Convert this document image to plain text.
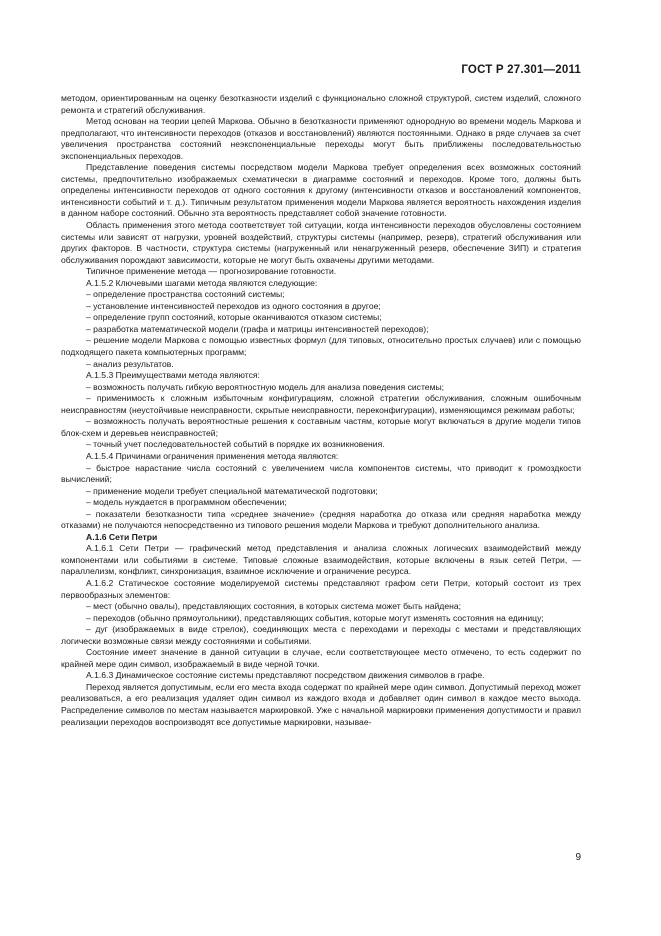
ГОСТ Р 27.301—2011

методом, ориентированным на оценку безотказности изделий с функционально сложной структурой, систем изделий, сложного ремонта и стратегий обслуживания.

Метод основан на теории цепей Маркова. Обычно в безотказности применяют однородную во времени модель Маркова и предполагают, что интенсивности переходов (отказов и восстановлений) являются постоянными. Однако в ряде случаев за счет увеличения пространства состояний неэкспоненциальные переходы могут быть приближены последовательностью экспоненциальных переходов.

Представление поведения системы посредством модели Маркова требует определения всех возможных состояний системы, предпочтительно изображаемых схематически в диаграмме состояний и переходов. Кроме того, должны быть определены интенсивности переходов от одного состояния к другому (интенсивности отказов и восстановлений компонентов, интенсивности событий и т. д.). Типичным результатом применения модели Маркова является вероятность нахождения изделия в данном наборе состояний. Обычно эта вероятность представляет собой значение готовности.

Область применения этого метода соответствует той ситуации, когда интенсивности переходов обусловлены состоянием системы или зависят от нагрузки, уровней воздействий, структуры системы (например, резерв), стратегий обслуживания или других факторов. В частности, структура системы (нагруженный или ненагруженный резерв, обеспечение ЗИП) и стратегия обслуживания порождают зависимости, которые не могут быть охвачены другими методами.

Типичное применение метода — прогнозирование готовности.

А.1.5.2 Ключевыми шагами метода являются следующие:

– определение пространства состояний системы;

– установление интенсивностей переходов из одного состояния в другое;

– определение групп состояний, которые оканчиваются отказом системы;

– разработка математической модели (графа и матрицы интенсивностей переходов);

– решение модели Маркова с помощью известных формул (для типовых, относительно простых случаев) или с помощью подходящего пакета компьютерных программ;

– анализ результатов.

А.1.5.3 Преимуществами метода являются:

– возможность получать гибкую вероятностную модель для анализа поведения системы;

– применимость к сложным избыточным конфигурациям, сложной стратегии обслуживания, сложным ошибочным неисправностям (неустойчивые неисправности, скрытые неисправности, переконфигурации), изменяющимся режимам работы;

– возможность получать вероятностные решения к составным частям, которые могут включаться в другие модели типов блок-схем и деревьев неисправностей;

– точный учет последовательностей событий в порядке их возникновения.

А.1.5.4 Причинами ограничения применения метода являются:

– быстрое нарастание числа состояний с увеличением числа компонентов системы, что приводит к громоздкости вычислений;

– применение модели требует специальной математической подготовки;

– модель нуждается в программном обеспечении;

– показатели безотказности типа «среднее значение» (средняя наработка до отказа или средняя наработка между отказами) не получаются непосредственно из типового решения модели Маркова и требуют дополнительного анализа.

А.1.6 Сети Петри

А.1.6.1 Сети Петри — графический метод представления и анализа сложных логических взаимодействий между компонентами или событиями в системе. Типовые сложные взаимодействия, которые включены в язык сетей Петри, — параллелизм, конфликт, синхронизация, взаимное исключение и ограничение ресурса.

А.1.6.2 Статическое состояние моделируемой системы представляют графом сети Петри, который состоит из трех первообразных элементов:

– мест (обычно овалы), представляющих состояния, в которых система может быть найдена;

– переходов (обычно прямоугольники), представляющих события, которые могут изменять состояния на единицу;

– дуг (изображаемых в виде стрелок), соединяющих места с переходами и переходы с местами и представляющих логически возможные связи между состояниями и событиями.

Состояние имеет значение в данной ситуации в случае, если соответствующее место отмечено, то есть содержит по крайней мере один символ, изображаемый в виде черной точки.

А.1.6.3 Динамическое состояние системы представляют посредством движения символов в графе.

Переход является допустимым, если его места входа содержат по крайней мере один символ. Допустимый переход может реализоваться, а его реализация удаляет один символ из каждого входа и добавляет один символ в каждое место выхода. Распределение символов по местам называется маркировкой. Уже с начальной маркировки применения допустимости и правил реализации переходов воспроизводят все допустимые маркировки, называе-

9
